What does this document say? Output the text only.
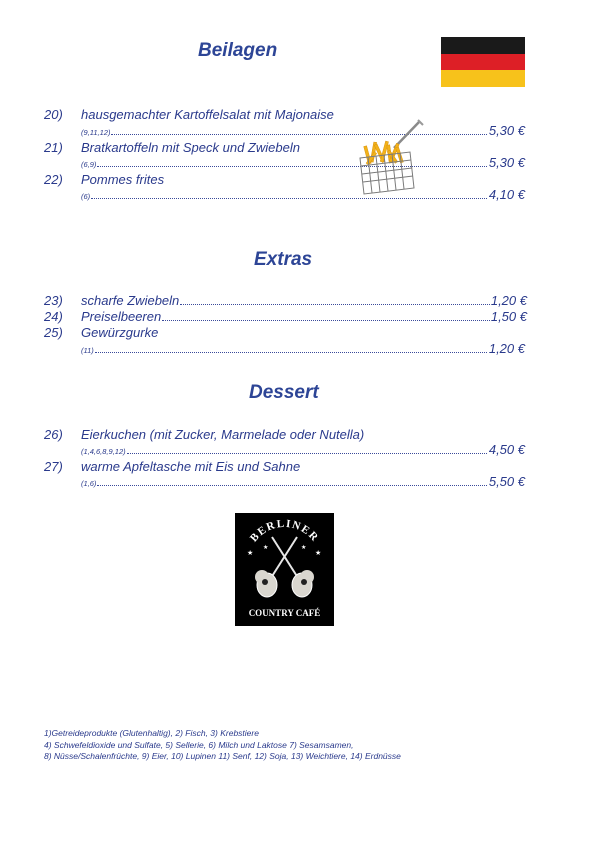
Beilagen
20) hausgemachter Kartoffelsalat mit Majonaise
(9,11,12)	5,30 €
21) Bratkartoffeln mit Speck und Zwiebeln
(6,9)	5,30 €
22) Pommes frites
(6)	4,10 €
Extras
23) scharfe Zwiebeln	1,20 €
24) Preiselbeeren	1,50 €
25) Gewürzgurke
(11)	1,20 €
Dessert
26) Eierkuchen (mit Zucker, Marmelade oder Nutella)
(1,4,6,8,9,12)	4,50 €
27) warme Apfeltasche mit Eis und Sahne
(1,6)	5,50 €
BERLINER
★	★
★	★
COUNTRY CAFÉ
1)Getreideprodukte (Glutenhaltig), 2) Fisch, 3) Krebstiere
4) Schwefeldioxide und Sulfate, 5) Sellerie, 6) Milch und Laktose 7) Sesamsamen,
8) Nüsse/Schalenfrüchte, 9) Eier, 10) Lupinen 11) Senf, 12) Soja, 13) Weichtiere, 14) Erdnüsse
